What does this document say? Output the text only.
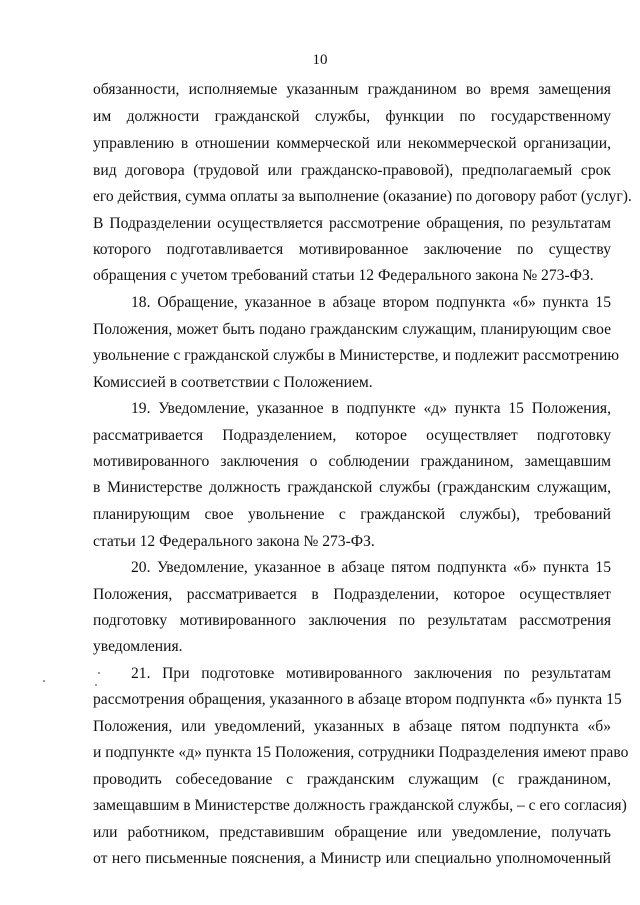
10
обязанности, исполняемые указанным гражданином во время замещения
им должности гражданской службы, функции по государственному
управлению в отношении коммерческой или некоммерческой организации,
вид договора (трудовой или гражданско-правовой), предполагаемый срок
его действия, сумма оплаты за выполнение (оказание) по договору работ (услуг).
В Подразделении осуществляется рассмотрение обращения, по результатам
которого подготавливается мотивированное заключение по существу
обращения с учетом требований статьи 12 Федерального закона № 273-ФЗ.
18. Обращение, указанное в абзаце втором подпункта «б» пункта 15
Положения, может быть подано гражданским служащим, планирующим свое
увольнение с гражданской службы в Министерстве, и подлежит рассмотрению
Комиссией в соответствии с Положением.
19. Уведомление, указанное в подпункте «д» пункта 15 Положения,
рассматривается Подразделением, которое осуществляет подготовку
мотивированного заключения о соблюдении гражданином, замещавшим
в Министерстве должность гражданской службы (гражданским служащим,
планирующим свое увольнение с гражданской службы), требований
статьи 12 Федерального закона № 273-ФЗ.
20. Уведомление, указанное в абзаце пятом подпункта «б» пункта 15
Положения, рассматривается в Подразделении, которое осуществляет
подготовку мотивированного заключения по результатам рассмотрения
уведомления.
21. При подготовке мотивированного заключения по результатам
рассмотрения обращения, указанного в абзаце втором подпункта «б» пункта 15
Положения, или уведомлений, указанных в абзаце пятом подпункта «б»
и подпункте «д» пункта 15 Положения, сотрудники Подразделения имеют право
проводить собеседование с гражданским служащим (с гражданином,
замещавшим в Министерстве должность гражданской службы, – с его согласия)
или работником, представившим обращение или уведомление, получать
от него письменные пояснения, а Министр или специально уполномоченный
